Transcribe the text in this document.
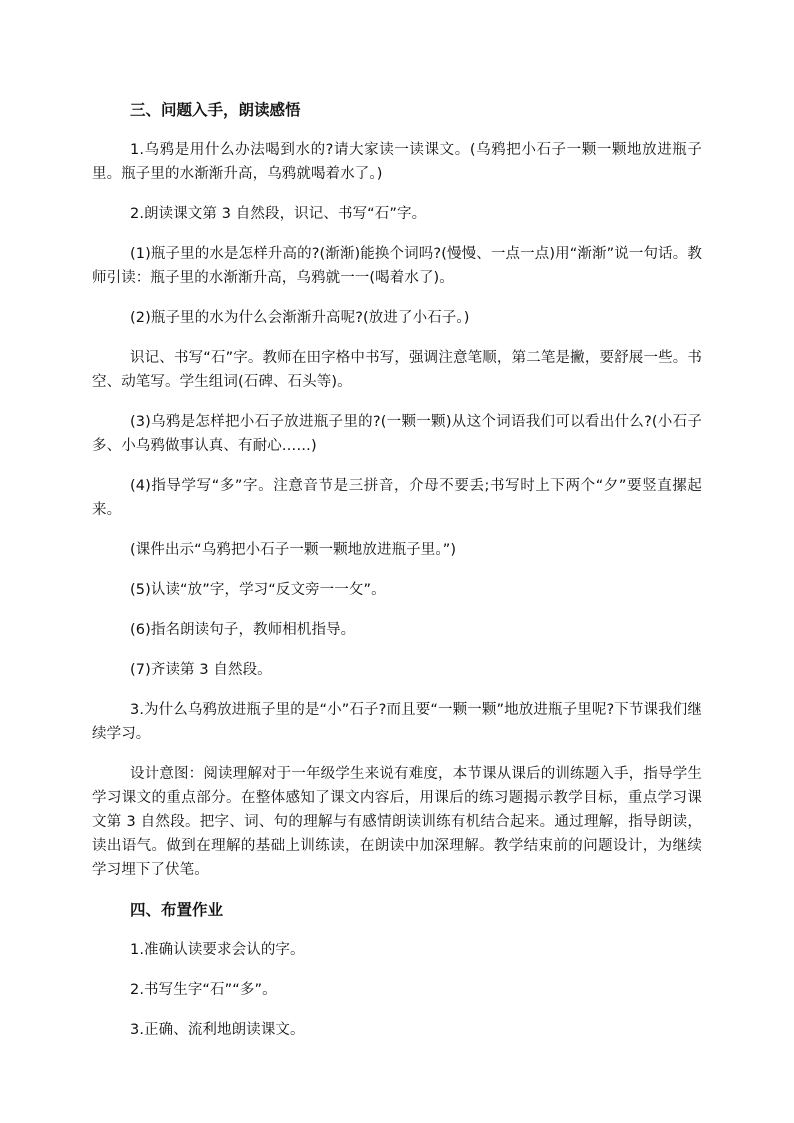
三、问题入手，朗读感悟

1.乌鸦是用什么办法喝到水的?请大家读一读课文。(乌鸦把小石子一颗一颗地放进瓶子里。瓶子里的水渐渐升高，乌鸦就喝着水了。)

2.朗读课文第 3 自然段，识记、书写“石”字。

(1)瓶子里的水是怎样升高的?(渐渐)能换个词吗?(慢慢、一点一点)用“渐渐”说一句话。教师引读：瓶子里的水渐渐升高，乌鸦就一一(喝着水了)。

(2)瓶子里的水为什么会渐渐升高呢?(放进了小石子。)

识记、书写“石”字。教师在田字格中书写，强调注意笔顺，第二笔是撇，要舒展一些。书空、动笔写。学生组词(石碑、石头等)。

(3)乌鸦是怎样把小石子放进瓶子里的?(一颗一颗)从这个词语我们可以看出什么?(小石子多、小乌鸦做事认真、有耐心……)

(4)指导学写“多”字。注意音节是三拼音，介母不要丢;书写时上下两个“夕”要竖直摞起来。

(课件出示“乌鸦把小石子一颗一颗地放进瓶子里。”)

(5)认读“放”字，学习“反文旁一一攵”。

(6)指名朗读句子，教师相机指导。

(7)齐读第 3 自然段。

3.为什么乌鸦放进瓶子里的是“小”石子?而且要“一颗一颗”地放进瓶子里呢?下节课我们继续学习。

设计意图：阅读理解对于一年级学生来说有难度，本节课从课后的训练题入手，指导学生学习课文的重点部分。在整体感知了课文内容后，用课后的练习题揭示教学目标，重点学习课文第 3 自然段。把字、词、句的理解与有感情朗读训练有机结合起来。通过理解，指导朗读，读出语气。做到在理解的基础上训练读，在朗读中加深理解。教学结束前的问题设计，为继续学习埋下了伏笔。

四、布置作业

1.准确认读要求会认的字。

2.书写生字“石”“多”。

3.正确、流利地朗读课文。
